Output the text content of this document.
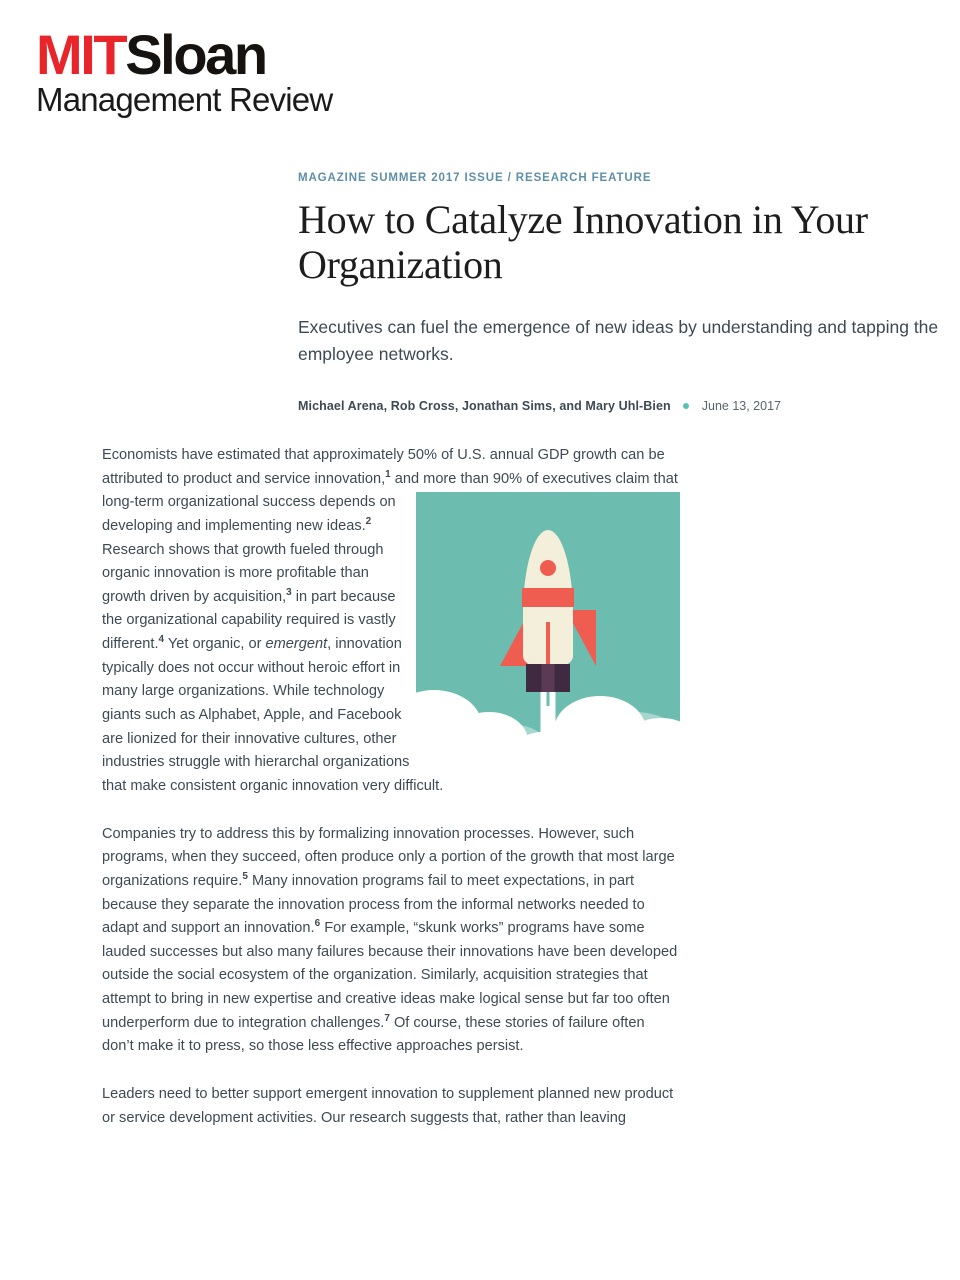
MITSloan

Management Review

MAGAZINE SUMMER 2017 ISSUE / RESEARCH FEATURE
How to Catalyze Innovation in Your Organization
Executives can fuel the emergence of new ideas by understanding and tapping the
employee networks.
Michael Arena, Rob Cross, Jonathan Sims, and Mary Uhl-Bien June 13, 2017

Economists have estimated that approximately 50% of U.S. annual GDP growth can be attributed to product and service innovation,$^1$ and more than 90% of executives claim that long-term organizational success depends on developing and implementing new ideas.$^2$ Research shows that growth fueled through organic innovation is more profitable than growth driven by acquisition,$^3$ in part because the organizational capability required is vastly different.$^4$ Yet organic, or emergent, innovation typically does not occur without heroic effort in many large organizations. While technology giants such as Alphabet, Apple, and Facebook are lionized for their innovative cultures, other industries struggle with hierarchal organizations that make consistent organic innovation very difficult.

Companies try to address this by formalizing innovation processes. However, such programs, when they succeed, often produce only a portion of the growth that most large organizations require.$^5$ Many innovation programs fail to meet expectations, in part because they separate the innovation process from the informal networks needed to adapt and support an innovation.$^6$ For example, “skunk works” programs have some lauded successes but also many failures because their innovations have been developed outside the social ecosystem of the organization. Similarly, acquisition strategies that attempt to bring in new expertise and creative ideas make logical sense but far too often underperform due to integration challenges.$^7$ Of course, these stories of failure often don’t make it to press, so those less effective approaches persist.

Leaders need to better support emergent innovation to supplement planned new product or service development activities. Our research suggests that, rather than leaving
